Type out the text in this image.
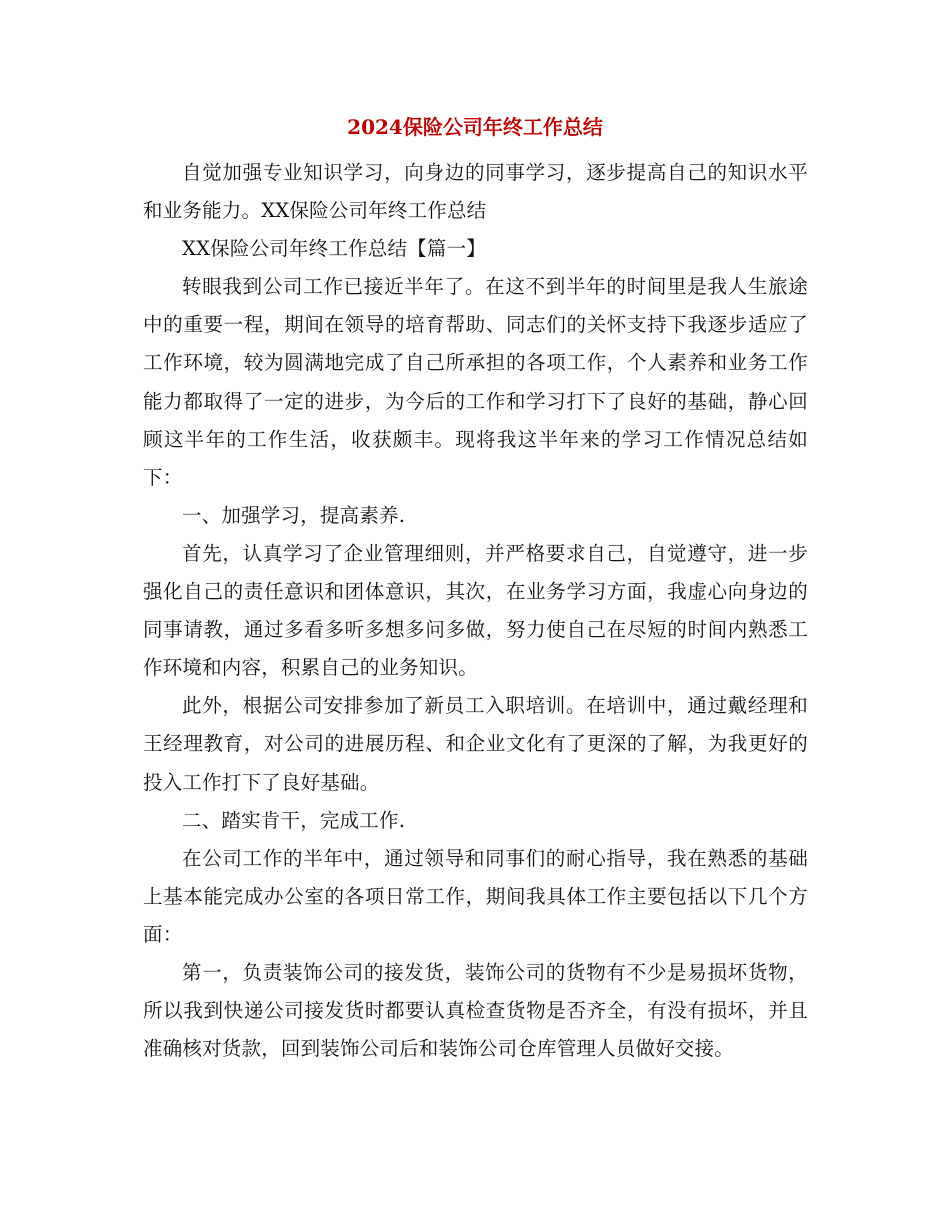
2024保险公司年终工作总结

自觉加强专业知识学习，向身边的同事学习，逐步提高自己的知识水平和业务能力。XX保险公司年终工作总结

XX保险公司年终工作总结【篇一】

转眼我到公司工作已接近半年了。在这不到半年的时间里是我人生旅途中的重要一程，期间在领导的培育帮助、同志们的关怀支持下我逐步适应了工作环境，较为圆满地完成了自己所承担的各项工作，个人素养和业务工作能力都取得了一定的进步，为今后的工作和学习打下了良好的基础，静心回顾这半年的工作生活，收获颇丰。现将我这半年来的学习工作情况总结如下：

一、加强学习，提高素养.

首先，认真学习了企业管理细则，并严格要求自己，自觉遵守，进一步强化自己的责任意识和团体意识，其次，在业务学习方面，我虚心向身边的同事请教，通过多看多听多想多问多做，努力使自己在尽短的时间内熟悉工作环境和内容，积累自己的业务知识。

此外，根据公司安排参加了新员工入职培训。在培训中，通过戴经理和王经理教育，对公司的进展历程、和企业文化有了更深的了解，为我更好的投入工作打下了良好基础。

二、踏实肯干，完成工作.

在公司工作的半年中，通过领导和同事们的耐心指导，我在熟悉的基础上基本能完成办公室的各项日常工作，期间我具体工作主要包括以下几个方面：

第一，负责装饰公司的接发货，装饰公司的货物有不少是易损坏货物，所以我到快递公司接发货时都要认真检查货物是否齐全，有没有损坏，并且准确核对货款，回到装饰公司后和装饰公司仓库管理人员做好交接。
